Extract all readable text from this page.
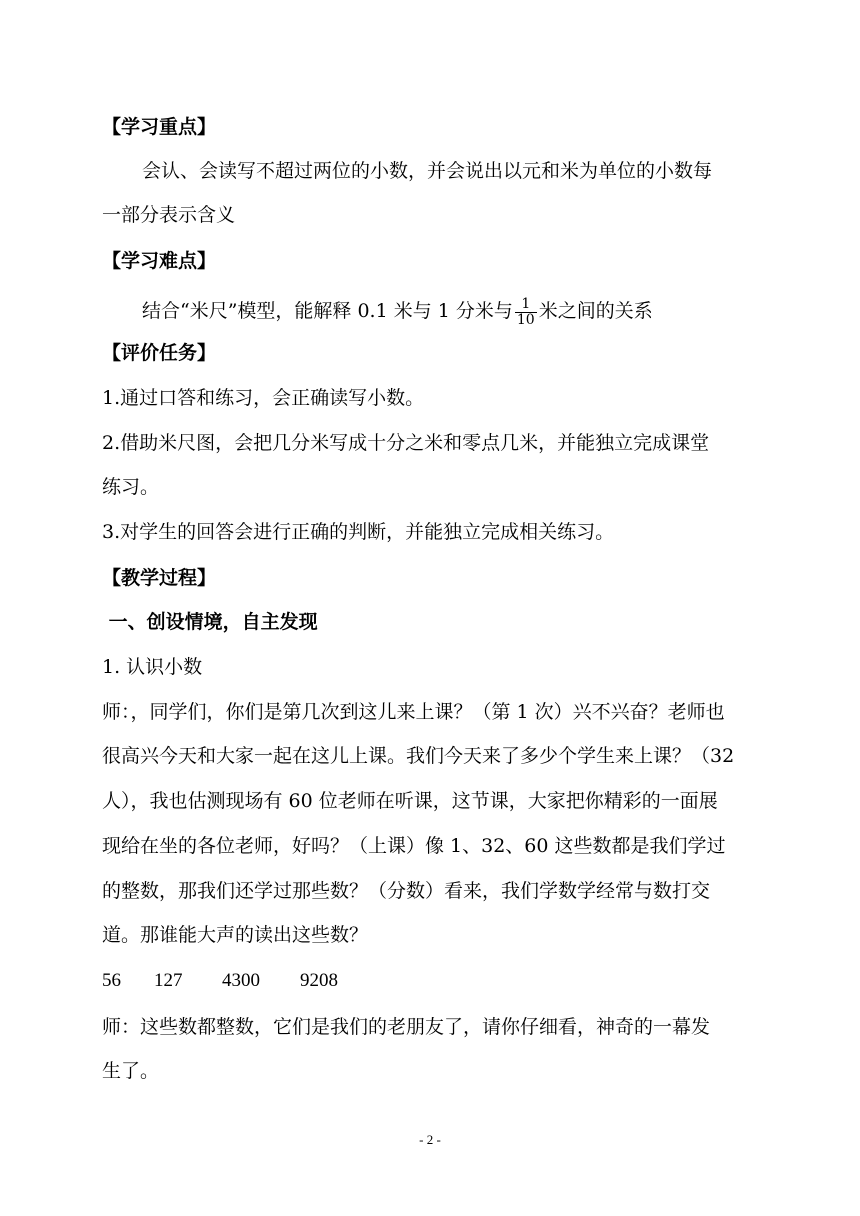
【学习重点】
会认、会读写不超过两位的小数，并会说出以元和米为单位的小数每
一部分表示含义
【学习难点】
结合“米尺”模型，能解释 0.1 米与 1 分米与 $\frac{1}{10}$ 米之间的关系
【评价任务】
1.通过口答和练习，会正确读写小数。
2.借助米尺图，会把几分米写成十分之米和零点几米，并能独立完成课堂
练习。
3.对学生的回答会进行正确的判断，并能独立完成相关练习。
【教学过程】
一、创设情境，自主发现
1. 认识小数
师：，同学们，你们是第几次到这儿来上课？（第 1 次）兴不兴奋？老师也
很高兴今天和大家一起在这儿上课。我们今天来了多少个学生来上课？（32
人），我也估测现场有 60 位老师在听课，这节课，大家把你精彩的一面展
现给在坐的各位老师，好吗？（上课）像 1、32、60 这些数都是我们学过
的整数，那我们还学过那些数？（分数）看来，我们学数学经常与数打交
道。那谁能大声的读出这些数？
56 127 4300 9208
师：这些数都整数，它们是我们的老朋友了，请你仔细看，神奇的一幕发
生了。
- 2 -
